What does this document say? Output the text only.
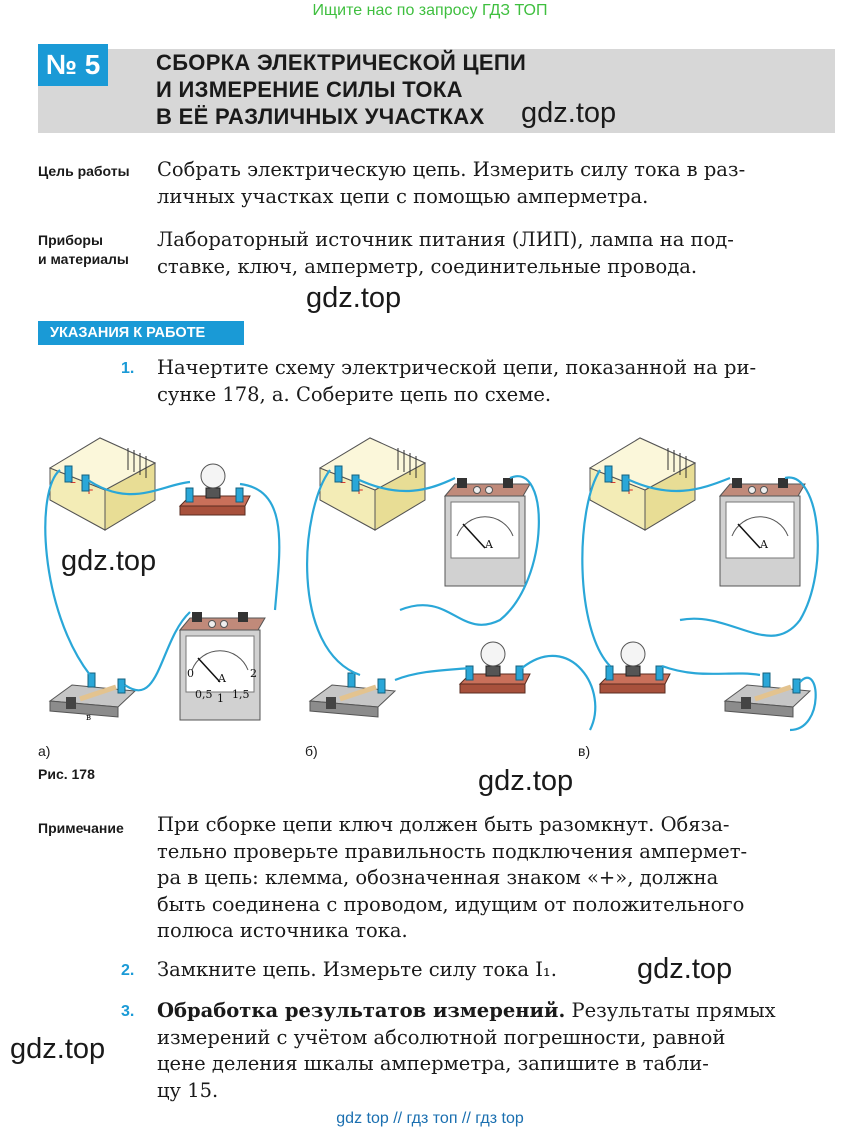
Ищите нас по запросу ГДЗ ТОП
№ 5	СБОРКА ЭЛЕКТРИЧЕСКОЙ ЦЕПИ
И ИЗМЕРЕНИЕ СИЛЫ ТОКА
В ЕЁ РАЗЛИЧНЫХ УЧАСТКАХ gdz.top
Цель работы Собрать электрическую цепь. Измерить силу тока в раз-
личных участках цепи с помощью амперметра.
Приборы
и материалы
Лабораторный источник питания (ЛИП), лампа на под-
ставке, ключ, амперметр, соединительные провода.
gdz.top
УКАЗАНИЯ К РАБОТЕ
1. Начертите схему электрической цепи, показанной на ри-
сунке 178, а. Соберите цепь по схеме.
A
0
0,5 1 1,5
2
A	A
в
gdz.top
а)	б)	в)
Рис. 178	gdz.top
Примечание При сборке цепи ключ должен быть разомкнут. Обяза-
тельно проверьте правильность подключения ампермет-
ра в цепь: клемма, обозначенная знаком «+», должна
быть соединена с проводом, идущим от положительного
полюса источника тока.
2. Замкните цепь. Измерьте силу тока I₁.	gdz.top
3. Обработка результатов измерений. Результаты прямых
измерений с учётом абсолютной погрешности, равной
цене деления шкалы амперметра, запишите в табли-
цу 15.
gdz.top
gdz top // гдз топ // гдз top
